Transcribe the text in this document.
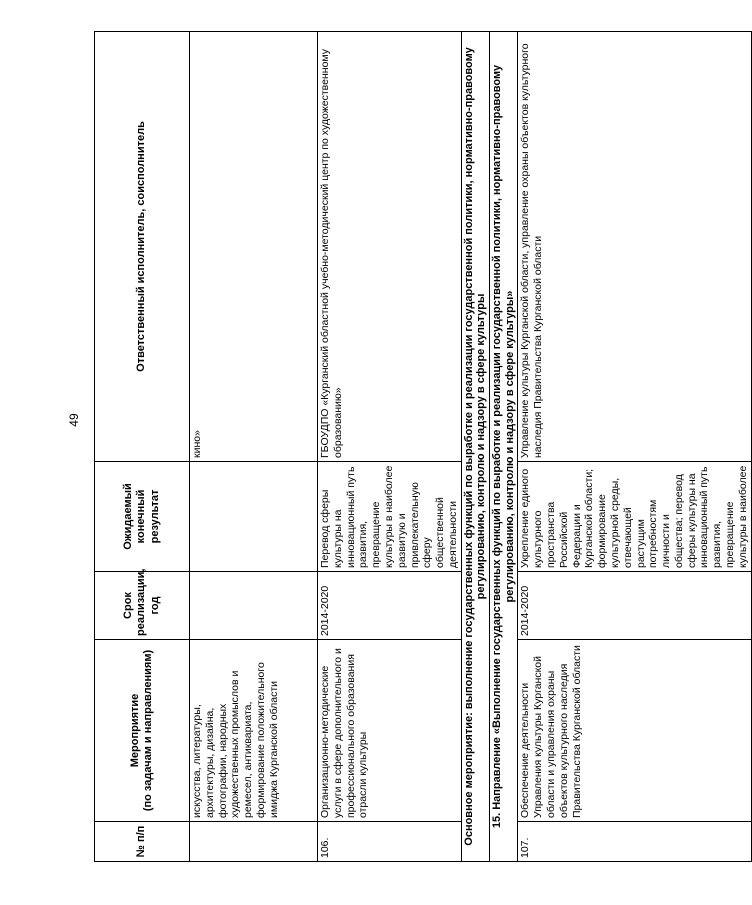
49
№ п/п	Мероприятие (по задачам и направлениям)	Срок реализации, год	Ожидаемый конечный результат	Ответственный исполнитель, соисполнитель
	искусства, литературы, архитектуры, дизайна, фотографии, народных художественных промыслов и ремесел, антиквариата, формирование положительного имиджа Курганской области			кино»
106.	Организационно-методические услуги в сфере дополнительного и профессионального образования отрасли культуры	2014-2020	Перевод сферы культуры на инновационный путь развития, превращение культуры в наиболее развитую и привлекательную сферу общественной деятельности	ГБОУДПО «Курганский областной учебно-методический центр по художественному образованию»
Основное мероприятие: выполнение государственных функций по выработке и реализации государственной политики, нормативно-правовому регулированию, контролю и надзору в сфере культуры				
15. Направление «Выполнение государственных функций по выработке и реализации государственной политики, нормативно-правовому регулированию, контролю и надзору в сфере культуры»				
107.	Обеспечение деятельности Управления культуры Курганской области и управления охраны объектов культурного наследия Правительства Курганской области	2014-2020	Укрепление единого культурного пространства Российской Федерации и Курганской области; формирование культурной среды, отвечающей растущим потребностям личности и общества; перевод сферы культуры на инновационный путь развития, превращение культуры в наиболее	Управление культуры Курганской области, управление охраны объектов культурного наследия Правительства Курганской области
